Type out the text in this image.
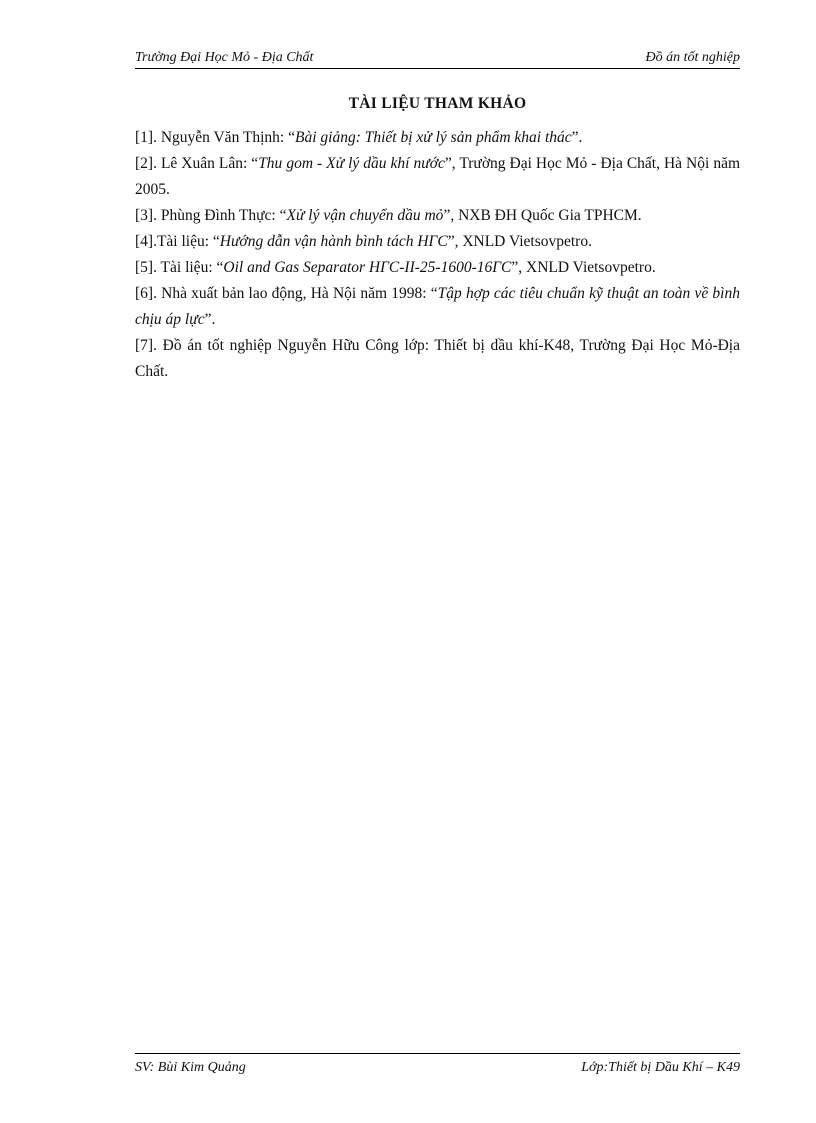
Trường Đại Học Mỏ - Địa Chất	Đồ án tốt nghiệp
TÀI LIỆU THAM KHẢO

[1]. Nguyễn Văn Thịnh: “Bài giảng: Thiết bị xử lý sản phẩm khai thác”.

[2]. Lê Xuân Lân: “Thu gom - Xử lý dầu khí nước”, Trường Đại Học Mỏ - Địa Chất, Hà Nội năm 2005.

[3]. Phùng Đình Thực: “Xử lý vận chuyển dầu mỏ”, NXB ĐH Quốc Gia TPHCM.

[4].Tài liệu: “Hướng dẫn vận hành bình tách НГС”, XNLD Vietsovpetro.

[5]. Tài liệu: “Oil and Gas Separator НГС-II-25-1600-16ГС”, XNLD Vietsovpetro.

[6]. Nhà xuất bản lao động, Hà Nội năm 1998: “Tập hợp các tiêu chuẩn kỹ thuật an toàn về bình chịu áp lực”.

[7]. Đồ án tốt nghiệp Nguyễn Hữu Công lớp: Thiết bị dầu khí-K48, Trường Đại Học Mỏ-Địa Chất.

SV: Bùi Kim Quảng	Lớp:Thiết bị Dầu Khí – K49
